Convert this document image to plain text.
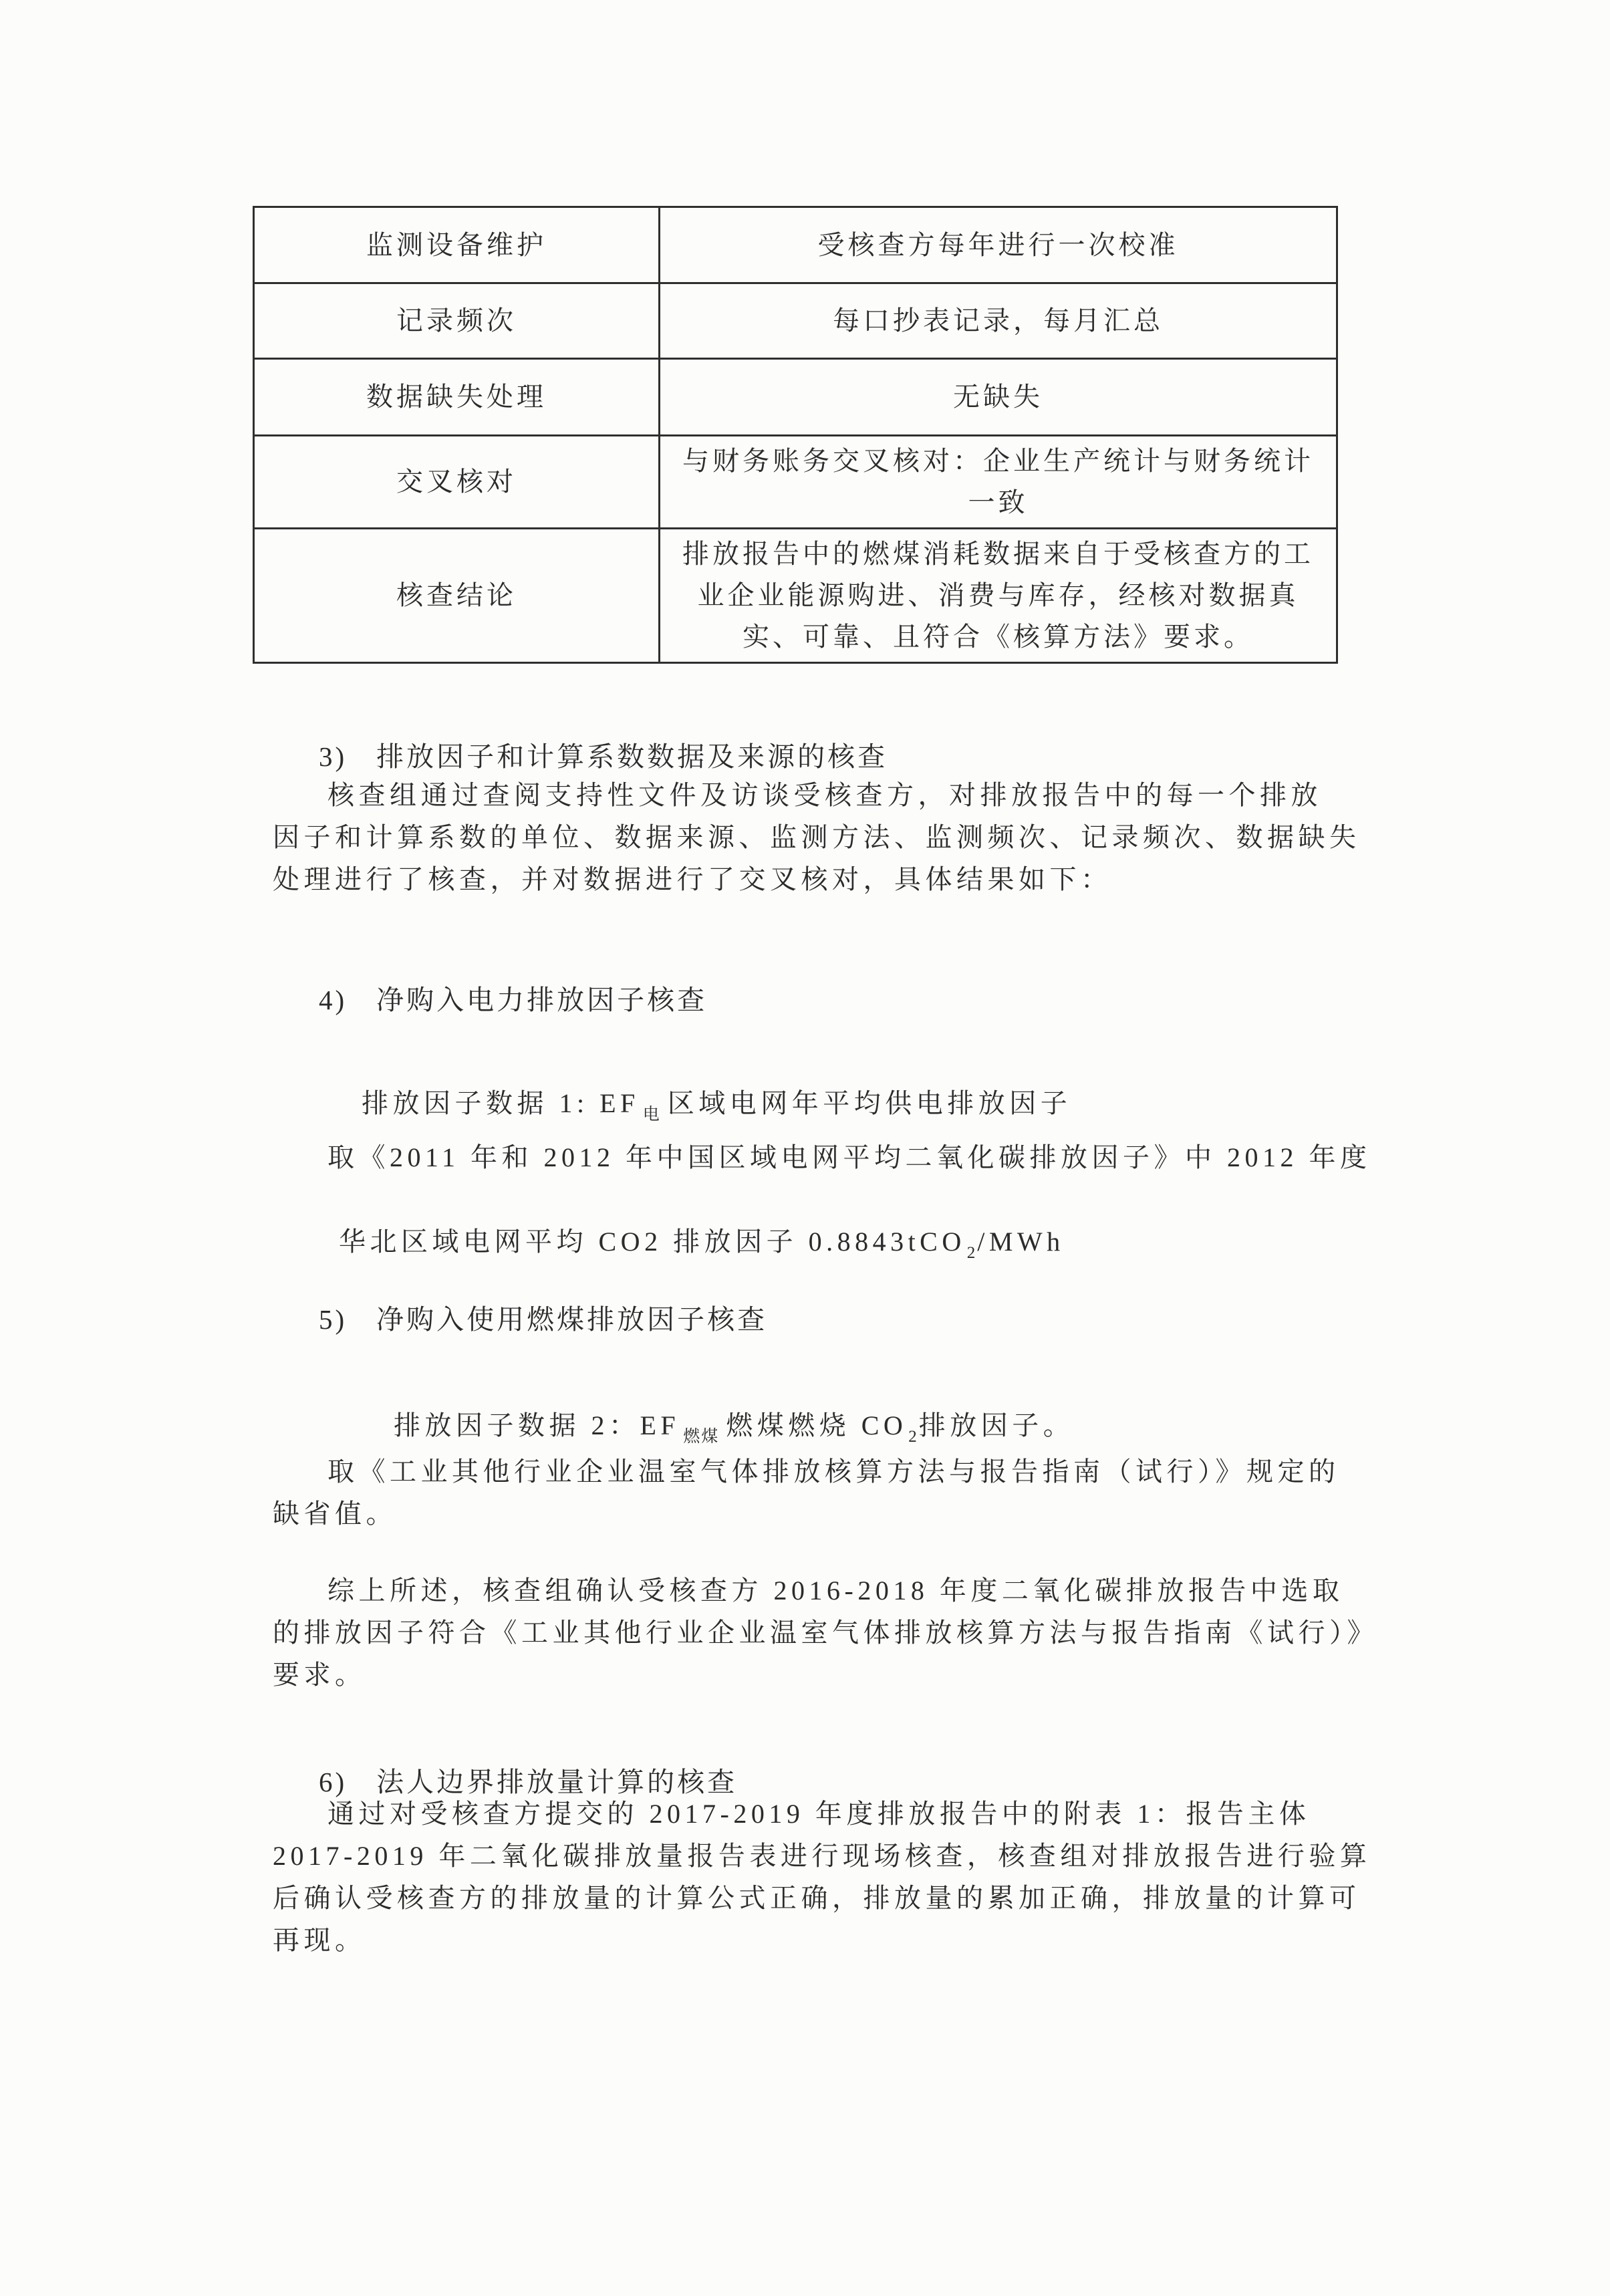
监测设备维护	受核查方每年进行一次校准
记录频次	每口抄表记录，每月汇总
数据缺失处理	无缺失
交叉核对	与财务账务交叉核对：企业生产统计与财务统计一致
核查结论	排放报告中的燃煤消耗数据来自于受核查方的工业企业能源购进、消费与库存，经核对数据真实、可靠、且符合《核算方法》要求。

3) 排放因子和计算系数数据及来源的核查

核查组通过查阅支持性文件及访谈受核查方，对排放报告中的每一个排放
因子和计算系数的单位、数据来源、监测方法、监测频次、记录频次、数据缺失
处理进行了核查，并对数据进行了交叉核对，具体结果如下：

4) 净购入电力排放因子核查

排放因子数据 1: EF $_电$ 区域电网年平均供电排放因子

取《2011 年和 2012 年中国区域电网平均二氧化碳排放因子》中 2012 年度

华北区域电网平均 CO2 排放因子 0.8843tCO$_2$/MWh

5) 净购入使用燃煤排放因子核查

排放因子数据 2：EF $_{燃煤}$ 燃煤燃烧 $CO_2$排放因子。

取《工业其他行业企业温室气体排放核算方法与报告指南（试行）》规定的
缺省值。
综上所述，核查组确认受核查方 2016-2018 年度二氧化碳排放报告中选取
的排放因子符合《工业其他行业企业温室气体排放核算方法与报告指南《试行）》
要求。

6) 法人边界排放量计算的核查

通过对受核查方提交的 2017-2019 年度排放报告中的附表 1：报告主体
2017-2019 年二氧化碳排放量报告表进行现场核查，核查组对排放报告进行验算
后确认受核查方的排放量的计算公式正确，排放量的累加正确，排放量的计算可
再现。
